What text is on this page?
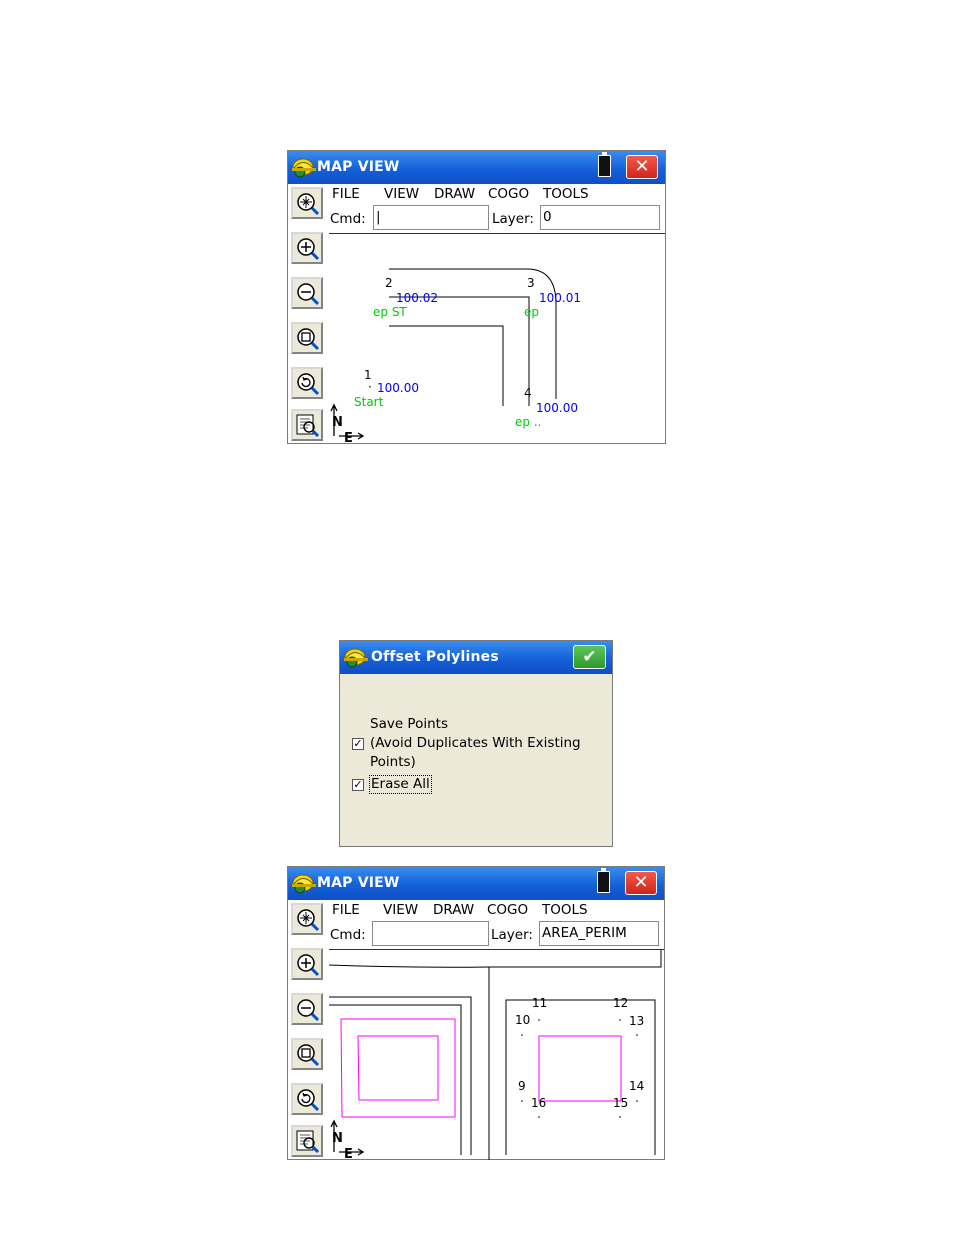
MAP VIEW	✕
FILE VIEW DRAW COGO TOOLS
Cmd: |	Layer: 0
1
· 100.00
Start
2
100.02
ep ST
3
100.01
ep
4
100.00
ep ..
N
E
Offset Polylines	✔
Save Points
✓ (Avoid Duplicates With Existing
Points)
✓ Erase All
MAP VIEW	✕
FILE VIEW DRAW COGO TOOLS
Cmd:	Layer: AREA_PERIM
11	12
10	13
9	14
16	15
N
E
